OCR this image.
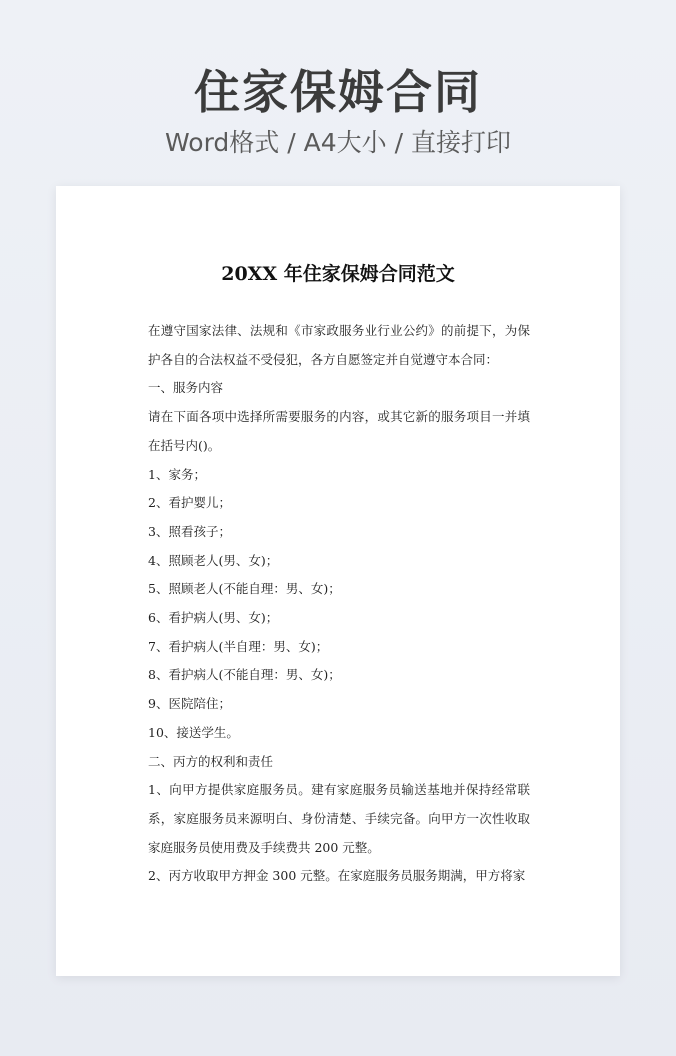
住家保姆合同
Word格式 / A4大小 / 直接打印
20XX 年住家保姆合同范文

在遵守国家法律、法规和《市家政服务业行业公约》的前提下，为保护各自的合法权益不受侵犯，各方自愿签定并自觉遵守本合同：

一、服务内容

请在下面各项中选择所需要服务的内容，或其它新的服务项目一并填在括号内()。

1、家务；

2、看护婴儿；

3、照看孩子；

4、照顾老人(男、女)；

5、照顾老人(不能自理：男、女)；

6、看护病人(男、女)；

7、看护病人(半自理：男、女)；

8、看护病人(不能自理：男、女)；

9、医院陪住；

10、接送学生。

二、丙方的权利和责任

1、向甲方提供家庭服务员。建有家庭服务员输送基地并保持经常联系，家庭服务员来源明白、身份清楚、手续完备。向甲方一次性收取家庭服务员使用费及手续费共 200 元整。

2、丙方收取甲方押金 300 元整。在家庭服务员服务期满，甲方将家
